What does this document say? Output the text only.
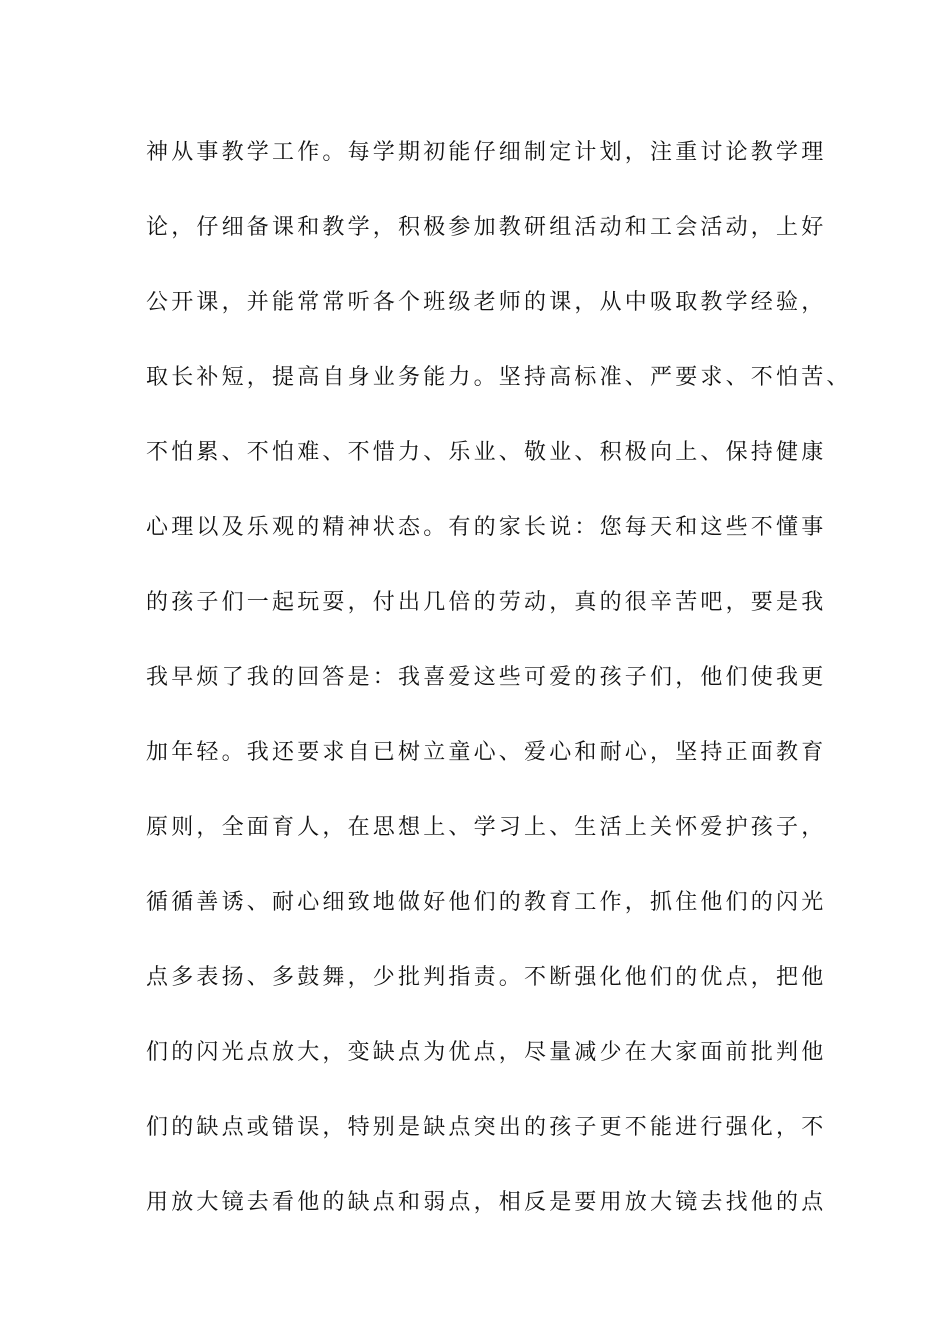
神从事教学工作。每学期初能仔细制定计划，注重讨论教学理
论，仔细备课和教学，积极参加教研组活动和工会活动，上好
公开课，并能常常听各个班级老师的课，从中吸取教学经验，
取长补短，提高自身业务能力。坚持高标准、严要求、不怕苦、
不怕累、不怕难、不惜力、乐业、敬业、积极向上、保持健康
心理以及乐观的精神状态。有的家长说：您每天和这些不懂事
的孩子们一起玩耍，付出几倍的劳动，真的很辛苦吧，要是我
我早烦了我的回答是：我喜爱这些可爱的孩子们，他们使我更
加年轻。我还要求自已树立童心、爱心和耐心，坚持正面教育
原则，全面育人，在思想上、学习上、生活上关怀爱护孩子，
循循善诱、耐心细致地做好他们的教育工作，抓住他们的闪光
点多表扬、多鼓舞，少批判指责。不断强化他们的优点，把他
们的闪光点放大，变缺点为优点，尽量减少在大家面前批判他
们的缺点或错误，特别是缺点突出的孩子更不能进行强化，不
用放大镜去看他的缺点和弱点，相反是要用放大镜去找他的点
